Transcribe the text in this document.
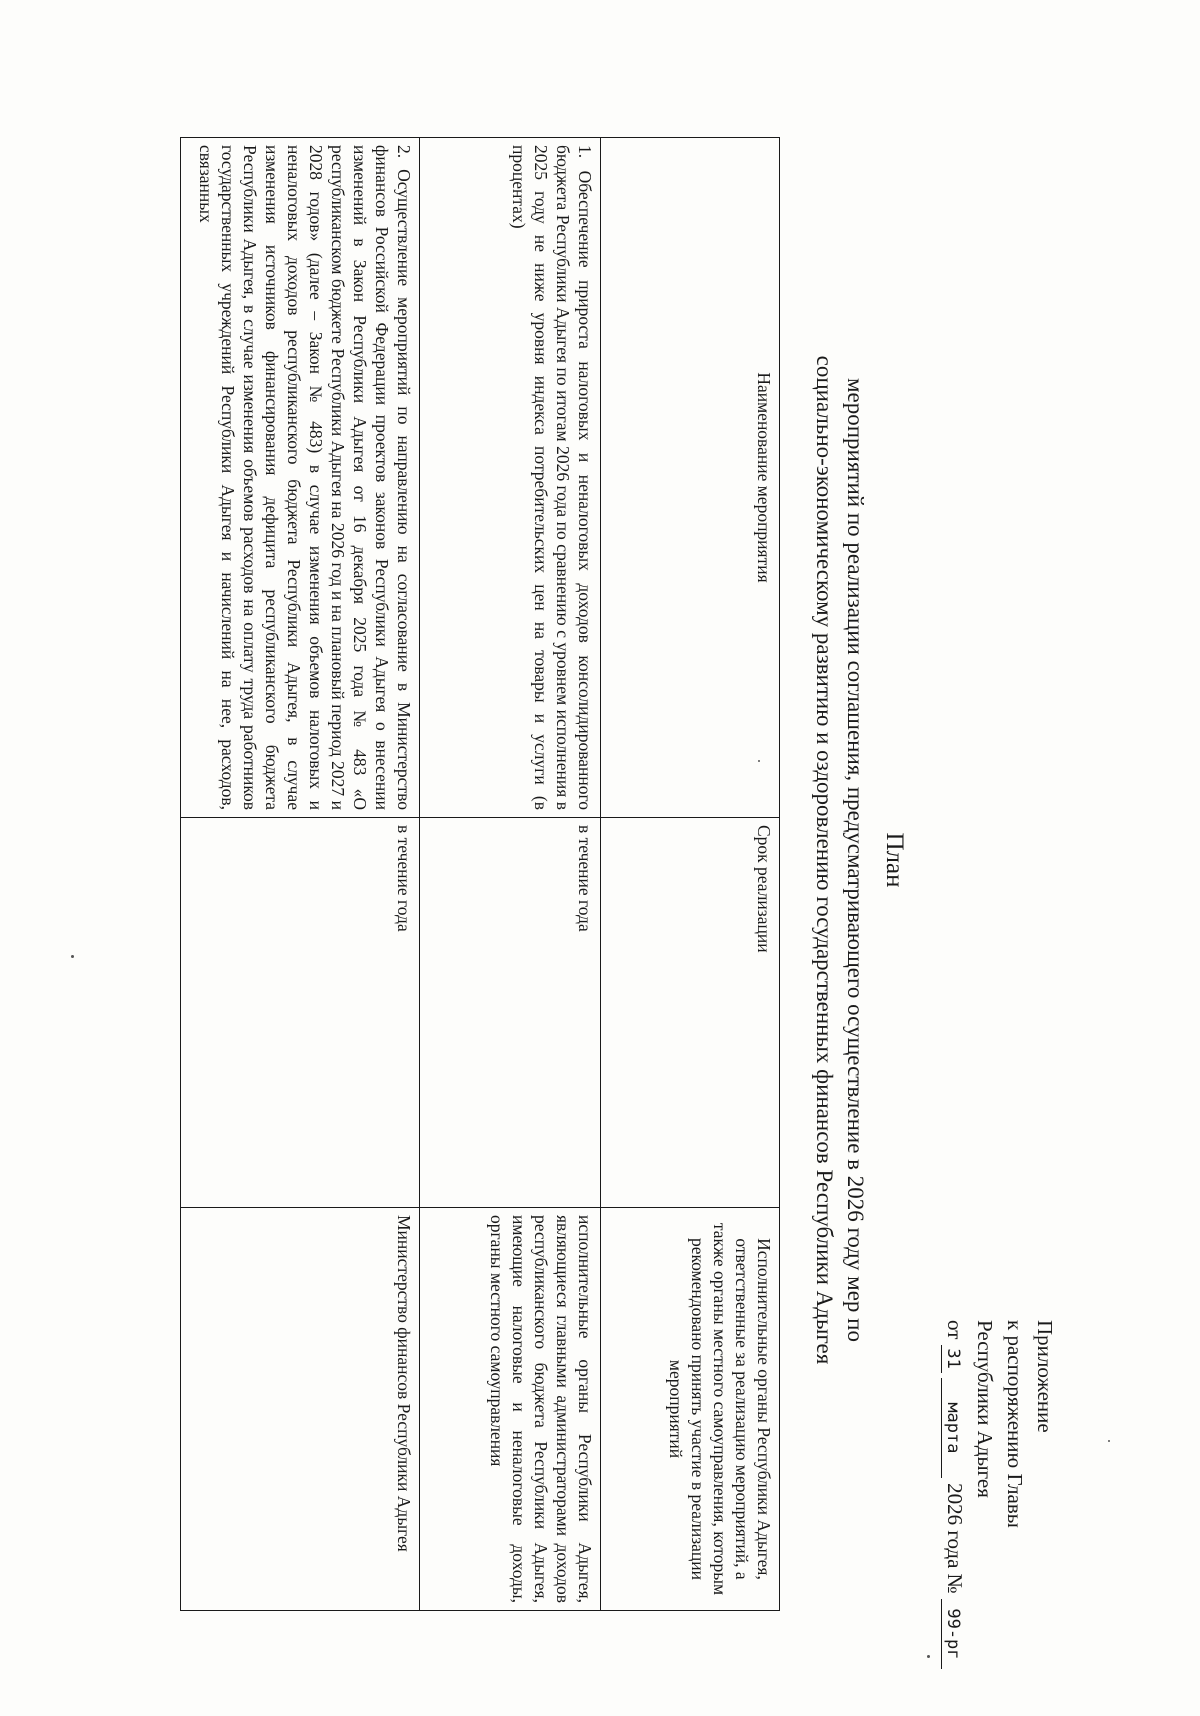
Приложение
к распоряжению Главы
Республики Адыгея
от 31 марта 2026 года № 99-рг
План
мероприятий по реализации соглашения, предусматривающего осуществление в 2026 году мер по
социально-экономическому развитию и оздоровлению государственных финансов Республики Адыгея
Наименование мероприятия	Срок реализации	Исполнительные органы Республики Адыгея, ответственные за реализацию мероприятий, а также органы местного самоуправления, которым рекомендовано принять участие в реализации мероприятий
1. Обеспечение прироста налоговых и неналоговых доходов консолидированного бюджета Республики Адыгея по итогам 2026 года по сравнению с уровнем исполнения в 2025 году не ниже уровня индекса потребительских цен на товары и услуги (в процентах)	в течение года	исполнительные органы Республики Адыгея, являющиеся главными администраторами доходов республиканского бюджета Республики Адыгея, имеющие налоговые и неналоговые доходы, органы местного самоуправления
2. Осуществление мероприятий по направлению на согласование в Министерство финансов Российской Федерации проектов законов Республики Адыгея о внесении изменений в Закон Республики Адыгея от 16 декабря 2025 года № 483 «О республиканском бюджете Республики Адыгея на 2026 год и на плановый период 2027 и 2028 годов» (далее – Закон № 483) в случае изменения объемов налоговых и неналоговых доходов республиканского бюджета Республики Адыгея, в случае изменения источников финансирования дефицита республиканского бюджета Республики Адыгея, в случае изменения объемов расходов на оплату труда работников государственных учреждений Республики Адыгея и начислений на нее, расходов, связанных	в течение года	Министерство финансов Республики Адыгея
